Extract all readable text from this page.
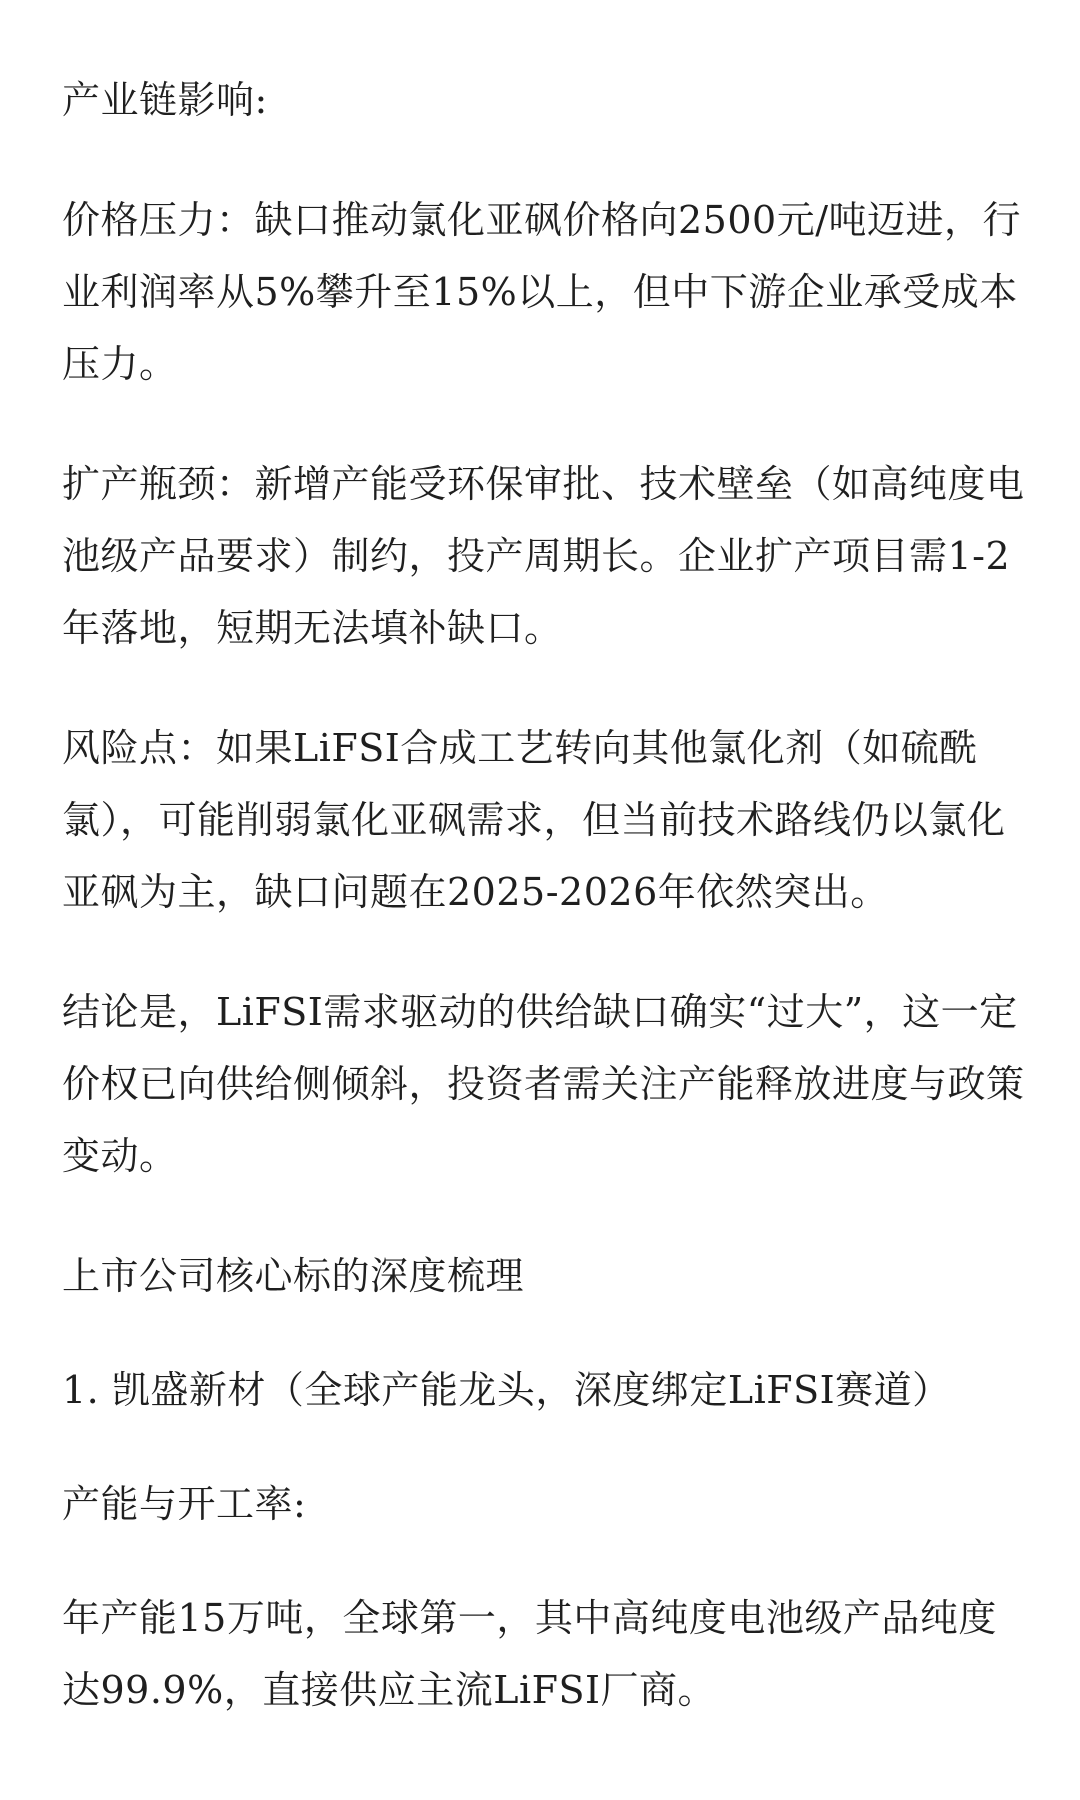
产业链影响:

价格压力：缺口推动氯化亚砜价格向2500元/吨迈进，行业利润率从5%攀升至15%以上，但中下游企业承受成本压力。

扩产瓶颈：新增产能受环保审批、技术壁垒（如高纯度电池级产品要求）制约，投产周期长。企业扩产项目需1-2年落地，短期无法填补缺口。

风险点：如果LiFSI合成工艺转向其他氯化剂（如硫酰氯），可能削弱氯化亚砜需求，但当前技术路线仍以氯化亚砜为主，缺口问题在2025-2026年依然突出。

结论是，LiFSI需求驱动的供给缺口确实“过大”，这一定价权已向供给侧倾斜，投资者需关注产能释放进度与政策变动。

上市公司核心标的深度梳理

1. 凯盛新材（全球产能龙头，深度绑定LiFSI赛道）

产能与开工率:

年产能15万吨，全球第一，其中高纯度电池级产品纯度达99.9%，直接供应主流LiFSI厂商。
